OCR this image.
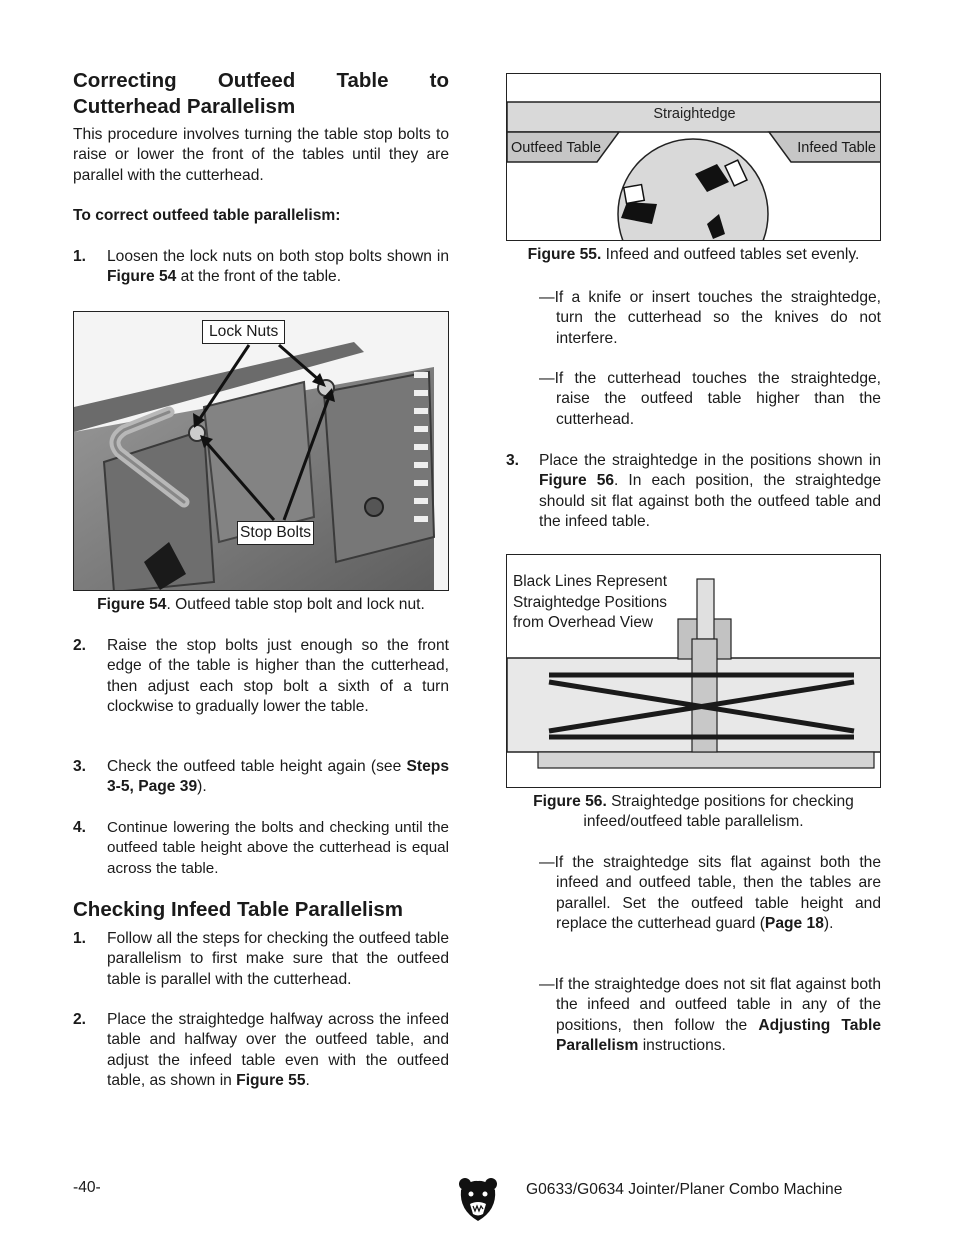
Correcting Outfeed Table to Cutterhead Parallelism
This procedure involves turning the table stop bolts to raise or lower the front of the tables until they are parallel with the cutterhead.
To correct outfeed table parallelism:
1. Loosen the lock nuts on both stop bolts shown in Figure 54 at the front of the table.
Lock Nuts
Stop Bolts
Figure 54. Outfeed table stop bolt and lock nut.
2. Raise the stop bolts just enough so the front edge of the table is higher than the cutterhead, then adjust each stop bolt a sixth of a turn clockwise to gradually lower the table.
3. Check the outfeed table height again (see Steps 3-5, Page 39).
4. Continue lowering the bolts and checking until the outfeed table height above the cutterhead is equal across the table.
Checking Infeed Table Parallelism
1. Follow all the steps for checking the outfeed table parallelism to first make sure that the outfeed table is parallel with the cutterhead.
2. Place the straightedge halfway across the infeed table and halfway over the outfeed table, and adjust the infeed table even with the outfeed table, as shown in Figure 55.
Straightedge
Outfeed Table	Infeed Table
Figure 55. Infeed and outfeed tables set evenly.
—If a knife or insert touches the straightedge, turn the cutterhead so the knives do not interfere.
—If the cutterhead touches the straightedge, raise the outfeed table higher than the cutterhead.
3. Place the straightedge in the positions shown in Figure 56. In each position, the straightedge should sit flat against both the outfeed table and the infeed table.
Black Lines Represent
Straightedge Positions
from Overhead View
Figure 56. Straightedge positions for checking
infeed/outfeed table parallelism.
—If the straightedge sits flat against both the infeed and outfeed table, then the tables are parallel. Set the outfeed table height and replace the cutterhead guard (Page 18).
—If the straightedge does not sit flat against both the infeed and outfeed table in any of the positions, then follow the Adjusting Table Parallelism instructions.
-40-	G0633/G0634 Jointer/Planer Combo Machine
